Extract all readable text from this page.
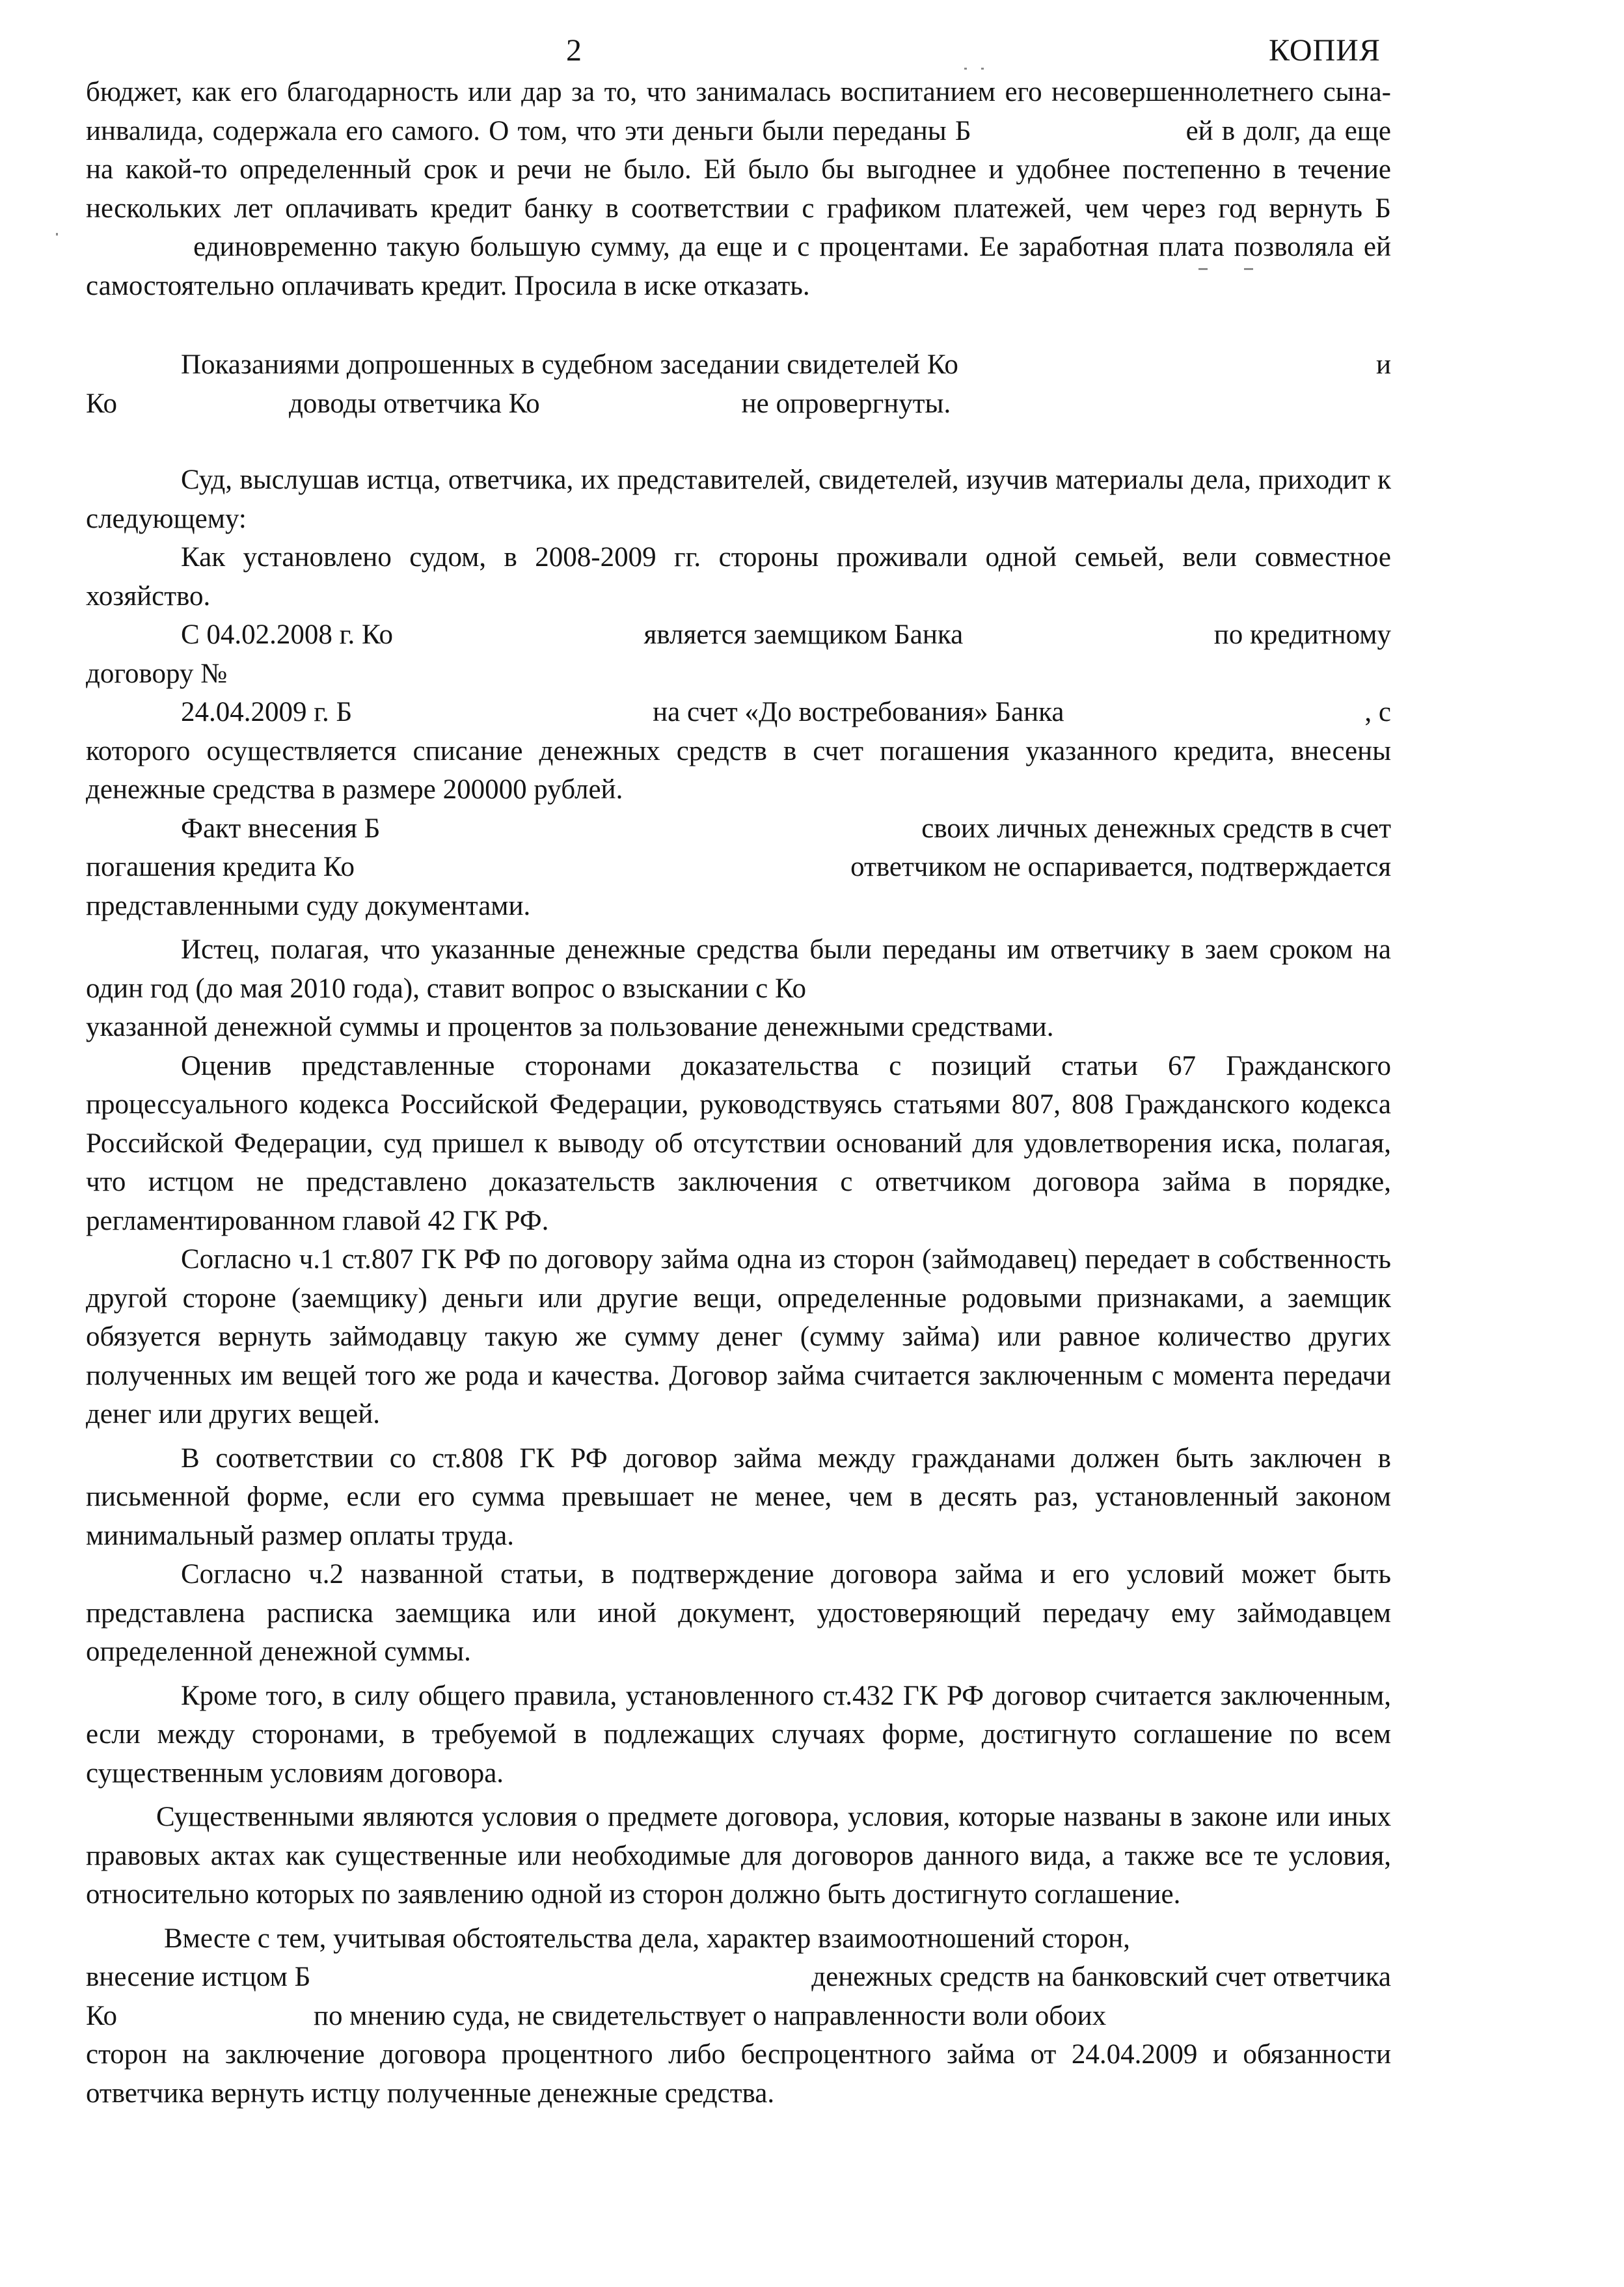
2	КОПИЯ

бюджет, как его благодарность или дар за то, что занималась воспитанием его несовершеннолетнего сына-инвалида, содержала его самого. О том, что эти деньги были переданы Б	ей в долг, да еще на какой-то определенный срок и речи не было. Ей было бы выгоднее и удобнее постепенно в течение нескольких лет оплачивать кредит банку в соответствии с графиком платежей, чем через год вернуть Б единовременно такую большую сумму, да еще и с процентами. Ее заработная плата позволяла ей самостоятельно оплачивать кредит. Просила в иске отказать.

Показаниями допрошенных в судебном заседании свидетелей Ко	и
Ко	доводы ответчика Ко	не опровергнуты.

Суд, выслушав истца, ответчика, их представителей, свидетелей, изучив материалы дела, приходит к следующему:

Как установлено судом, в 2008-2009 гг. стороны проживали одной семьей, вели совместное хозяйство.

С 04.02.2008 г. Ко	является заемщиком Банка	по кредитному
договору №
24.04.2009 г. Б	на счет «До востребования» Банка	, с

которого осуществляется списание денежных средств в счет погашения указанного кредита, внесены денежные средства в размере 200000 рублей.

Факт внесения Б	своих личных денежных средств в счет
погашения кредита Ко	ответчиком не оспаривается, подтверждается
представленными суду документами.

Истец, полагая, что указанные денежные средства были переданы им ответчику в заем сроком на один год (до мая 2010 года), ставит вопрос о взыскании с Ко
указанной денежной суммы и процентов за пользование денежными средствами.

Оценив представленные сторонами доказательства с позиций статьи 67 Гражданского процессуального кодекса Российской Федерации, руководствуясь статьями 807, 808 Гражданского кодекса Российской Федерации, суд пришел к выводу об отсутствии оснований для удовлетворения иска, полагая, что истцом не представлено доказательств заключения с ответчиком договора займа в порядке, регламентированном главой 42 ГК РФ.

Согласно ч.1 ст.807 ГК РФ по договору займа одна из сторон (займодавец) передает в собственность другой стороне (заемщику) деньги или другие вещи, определенные родовыми признаками, а заемщик обязуется вернуть займодавцу такую же сумму денег (сумму займа) или равное количество других полученных им вещей того же рода и качества. Договор займа считается заключенным с момента передачи денег или других вещей.

В соответствии со ст.808 ГК РФ договор займа между гражданами должен быть заключен в письменной форме, если его сумма превышает не менее, чем в десять раз, установленный законом минимальный размер оплаты труда.

Согласно ч.2 названной статьи, в подтверждение договора займа и его условий может быть представлена расписка заемщика или иной документ, удостоверяющий передачу ему займодавцем определенной денежной суммы.

Кроме того, в силу общего правила, установленного ст.432 ГК РФ договор считается заключенным, если между сторонами, в требуемой в подлежащих случаях форме, достигнуто соглашение по всем существенным условиям договора.

Существенными являются условия о предмете договора, условия, которые названы в законе или иных правовых актах как существенные или необходимые для договоров данного вида, а также все те условия, относительно которых по заявлению одной из сторон должно быть достигнуто соглашение.

Вместе с тем, учитывая обстоятельства дела, характер взаимоотношений сторон,
внесение истцом Б	денежных средств на банковский счет ответчика
Ко	по мнению суда, не свидетельствует о направленности воли обоих

сторон на заключение договора процентного либо беспроцентного займа от 24.04.2009 и обязанности ответчика вернуть истцу полученные денежные средства.
